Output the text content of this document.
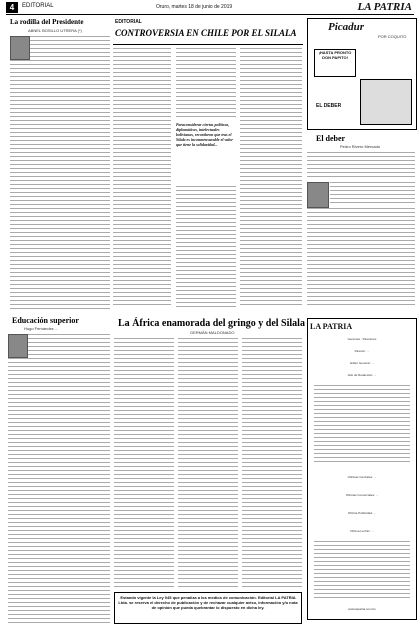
4	EDITORIAL	Oruro, martes 18 de junio de 2019	LA PATRIA
La rodilla del Presidente
ABNEL BOSILLO UTRERA (*)
EDITORIAL
CONTROVERSIA EN CHILE POR EL SILALA
Paraconsiderar ciertas políticas, diplomáticas, intelectuales bolivianas, recordaron que tras el Silala es inconmensurable el valor que tiene la solidaridad...
Picadur
POR COQUITO
¡HASTA PRONTO DON PAPITO!
EL DEBER
El deber
Pedro Rivero Mercado
Educación superior
Hugo Fernández ...	La África enamorada del gringo y del Silala
GERMÁN MALDONADO
LA PATRIA
Gerentes · Directores
Director: ...
Editor General: ...
Jefe de Redacción: ...
Oficinas Centrales: ...
Oficinas Comerciales: ...
Oficina Publicidad: ...
Oficina La Paz: ...
www.lapatria.com.bo
Estando vigente la Ley 045 que penaliza a los medios de comunicación. Editorial LA PATRIA Ltda. se reserva el derecho de publicación y de rechazar cualquier aviso, información y/o nota de opinión que pueda quebrantar lo dispuesto en dicha ley.
